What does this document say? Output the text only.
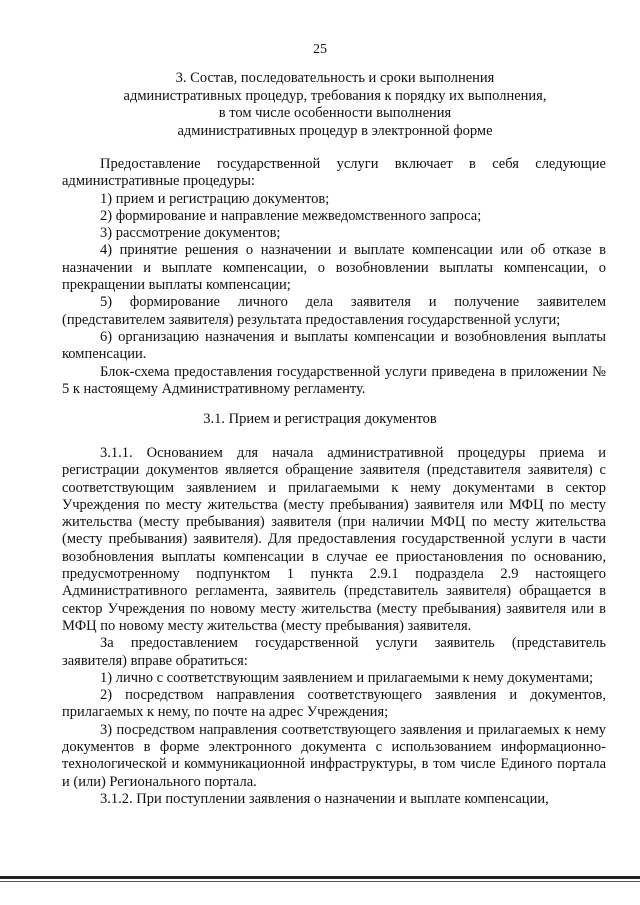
25
3. Состав, последовательность и сроки выполнения
административных процедур, требования к порядку их выполнения,
в том числе особенности выполнения
административных процедур в электронной форме

Предоставление государственной услуги включает в себя следующие административные процедуры:

1) прием и регистрацию документов;

2) формирование и направление межведомственного запроса;

3) рассмотрение документов;

4) принятие решения о назначении и выплате компенсации или об отказе в назначении и выплате компенсации, о возобновлении выплаты компенсации, о прекращении выплаты компенсации;

5) формирование личного дела заявителя и получение заявителем (представителем заявителя) результата предоставления государственной услуги;

6) организацию назначения и выплаты компенсации и возобновления выплаты компенсации.

Блок-схема предоставления государственной услуги приведена в приложении № 5 к настоящему Административному регламенту.

3.1. Прием и регистрация документов

3.1.1. Основанием для начала административной процедуры приема и регистрации документов является обращение заявителя (представителя заявителя) с соответствующим заявлением и прилагаемыми к нему документами в сектор Учреждения по месту жительства (месту пребывания) заявителя или МФЦ по месту жительства (месту пребывания) заявителя (при наличии МФЦ по месту жительства (месту пребывания) заявителя). Для предоставления государственной услуги в части возобновления выплаты компенсации в случае ее приостановления по основанию, предусмотренному подпунктом 1 пункта 2.9.1 подраздела 2.9 настоящего Административного регламента, заявитель (представитель заявителя) обращается в сектор Учреждения по новому месту жительства (месту пребывания) заявителя или в МФЦ по новому месту жительства (месту пребывания) заявителя.

За предоставлением государственной услуги заявитель (представитель заявителя) вправе обратиться:

1) лично с соответствующим заявлением и прилагаемыми к нему документами;

2) посредством направления соответствующего заявления и документов, прилагаемых к нему, по почте на адрес Учреждения;

3) посредством направления соответствующего заявления и прилагаемых к нему документов в форме электронного документа с использованием информационно-технологической и коммуникационной инфраструктуры, в том числе Единого портала и (или) Регионального портала.

3.1.2. При поступлении заявления о назначении и выплате компенсации,
